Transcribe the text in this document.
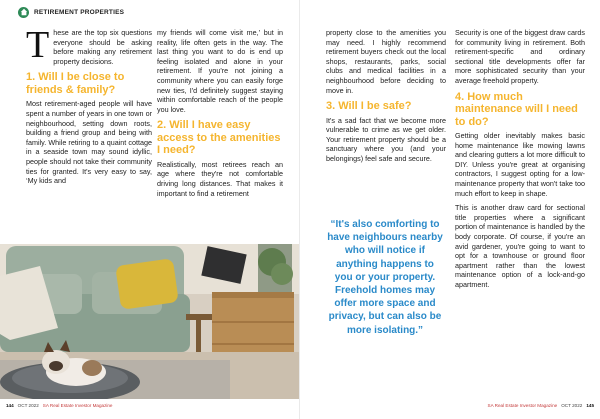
RETIREMENT PROPERTIES

These are the top six questions everyone should be asking before making any retirement property decisions.

1. Will I be close to friends & family?

Most retirement-aged people will have spent a number of years in one town or neighbourhood, setting down roots, building a friend group and being with family. While retiring to a quaint cottage in a seaside town may sound idyllic, people should not take their community ties for granted. It's very easy to say, ‘My kids and

my friends will come visit me,’ but in reality, life often gets in the way. The last thing you want to do is end up feeling isolated and alone in your retirement. If you're not joining a community where you can easily forge new ties, I'd definitely suggest staying within comfortable reach of the people you love.

2. Will I have easy access to the amenities I need?

Realistically, most retirees reach an age where they're not comfortable driving long distances. That makes it important to find a retirement

144 OCT 2022 SA Real Estate Investor Magazine	SA Real Estate Investor Magazine OCT 2022 145

property close to the amenities you may need. I highly recommend retirement buyers check out the local shops, restaurants, parks, social clubs and medical facilities in a neighbourhood before deciding to move in.

3. Will I be safe?

It's a sad fact that we become more vulnerable to crime as we get older. Your retirement property should be a sanctuary where you (and your belongings) feel safe and secure.

“It's also comforting to have neighbours nearby who will notice if anything happens to you or your property. Freehold homes may offer more space and privacy, but can also be more isolating.”

Security is one of the biggest draw cards for community living in retirement. Both retirement-specific and ordinary sectional title developments offer far more sophisticated security than your average freehold property.

4. How much maintenance will I need to do?

Getting older inevitably makes basic home maintenance like mowing lawns and clearing gutters a lot more difficult to DIY. Unless you're great at organising contractors, I suggest opting for a low-maintenance property that won't take too much effort to keep in shape.

This is another draw card for sectional title properties where a significant portion of maintenance is handled by the body corporate. Of course, if you're an avid gardener, you're going to want to opt for a townhouse or ground floor apartment rather than the lowest maintenance option of a lock-and-go apartment.
